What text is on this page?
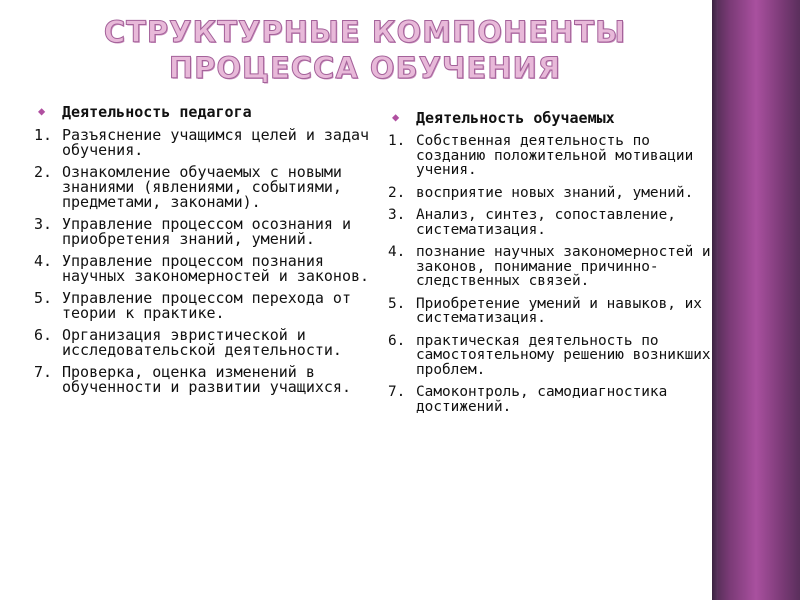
СТРУКТУРНЫЕ КОМПОНЕНТЫ ПРОЦЕССА ОБУЧЕНИЯ
◆ Деятельность педагога
1. Разъяснение учащимся целей и задач обучения.
2. Ознакомление обучаемых с новыми знаниями (явлениями, событиями, предметами, законами).
3. Управление процессом осознания и приобретения знаний, умений.
4. Управление процессом познания научных закономерностей и законов.
5. Управление процессом перехода от теории к практике.
6. Организация эвристической и исследовательской деятельности.
7. Проверка, оценка изменений в обученности и развитии учащихся.
◆ Деятельность обучаемых
1. Собственная деятельность по созданию положительной мотивации учения.
2. восприятие новых знаний, умений.
3. Анализ, синтез, сопоставление, систематизация.
4. познание научных закономерностей и законов, понимание причинно-следственных связей.
5. Приобретение умений и навыков, их систематизация.
6. практическая деятельность по самостоятельному решению возникших проблем.
7. Самоконтроль, самодиагностика достижений.
